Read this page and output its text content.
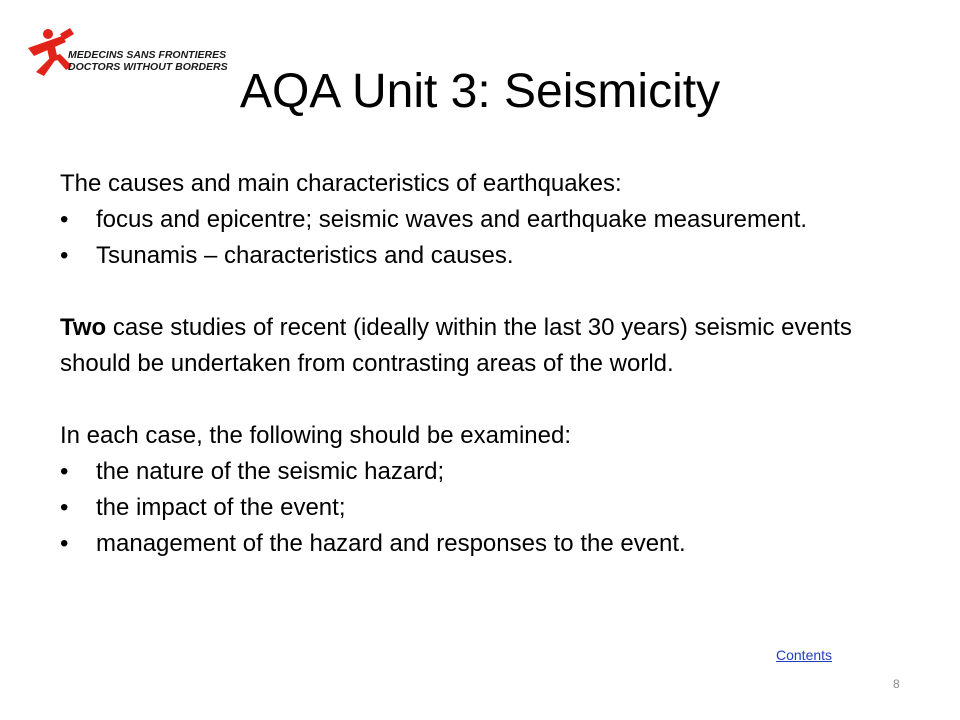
MEDECINS SANS FRONTIERES
DOCTORS WITHOUT BORDERS AQA Unit 3: Seismicity

The causes and main characteristics of earthquakes:

• focus and epicentre; seismic waves and earthquake measurement.
• Tsunamis – characteristics and causes.

Two case studies of recent (ideally within the last 30 years) seismic events should be undertaken from contrasting areas of the world.

In each case, the following should be examined:

• the nature of the seismic hazard;
• the impact of the event;
• management of the hazard and responses to the event.
Contents
8
